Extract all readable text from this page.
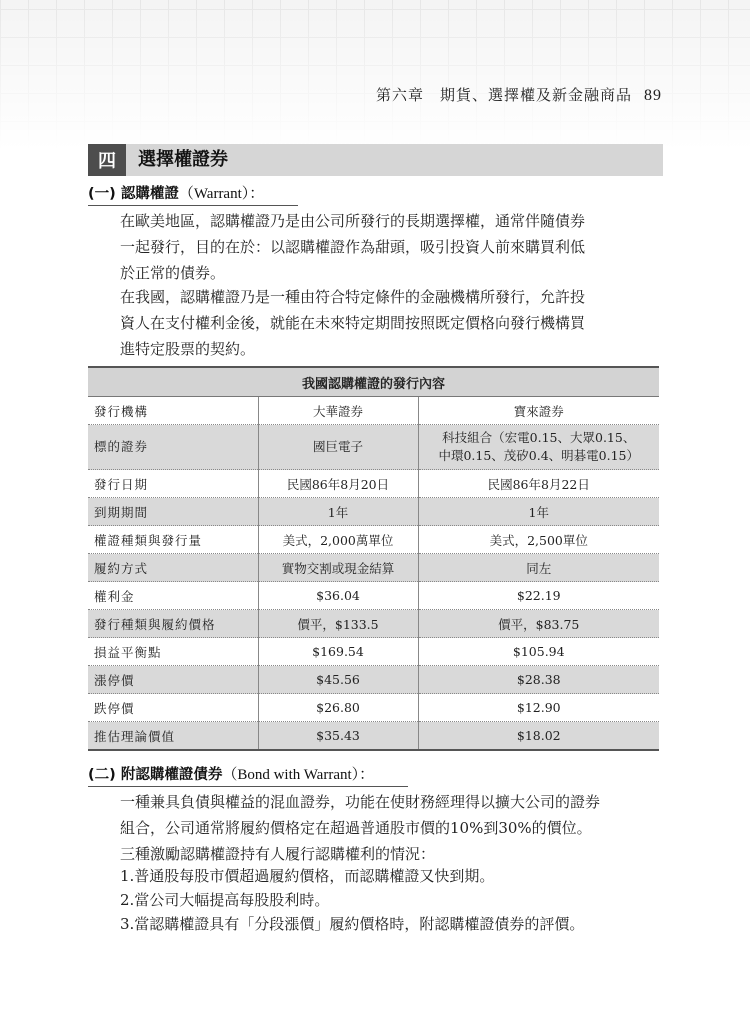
第六章　期貨、選擇權及新金融商品 89
四	選擇權證券
(一) 認購權證（Warrant）：
在歐美地區，認購權證乃是由公司所發行的長期選擇權，通常伴隨債券
一起發行，目的在於：以認購權證作為甜頭，吸引投資人前來購買利低
於正常的債券。
在我國，認購權證乃是一種由符合特定條件的金融機構所發行，允許投
資人在支付權利金後，就能在未來特定期間按照既定價格向發行機構買
進特定股票的契約。
我國認購權證的發行內容		
發行機構	大華證券	寶來證券
標的證券	國巨電子	科技組合（宏電0.15、大眾0.15、
中環0.15、茂矽0.4、明碁電0.15）

發行日期	民國86年8月20日	民國86年8月22日
到期期間	1年	1年
權證種類與發行量	美式，2,000萬單位	美式，2,500單位
履約方式	實物交割或現金結算	同左
權利金	$36.04	$22.19
發行種類與履約價格	價平，$133.5	價平，$83.75
損益平衡點	$169.54	$105.94
漲停價	$45.56	$28.38
跌停價	$26.80	$12.90
推估理論價值	$35.43	$18.02
(二) 附認購權證債券（Bond with Warrant）：
一種兼具負債與權益的混血證券，功能在使財務經理得以擴大公司的證券
組合，公司通常將履約價格定在超過普通股市價的10%到30%的價位。
三種激勵認購權證持有人履行認購權利的情況：
1.普通股每股市價超過履約價格，而認購權證又快到期。
2.當公司大幅提高每股股利時。
3.當認購權證具有「分段漲價」履約價格時，附認購權證債券的評價。
